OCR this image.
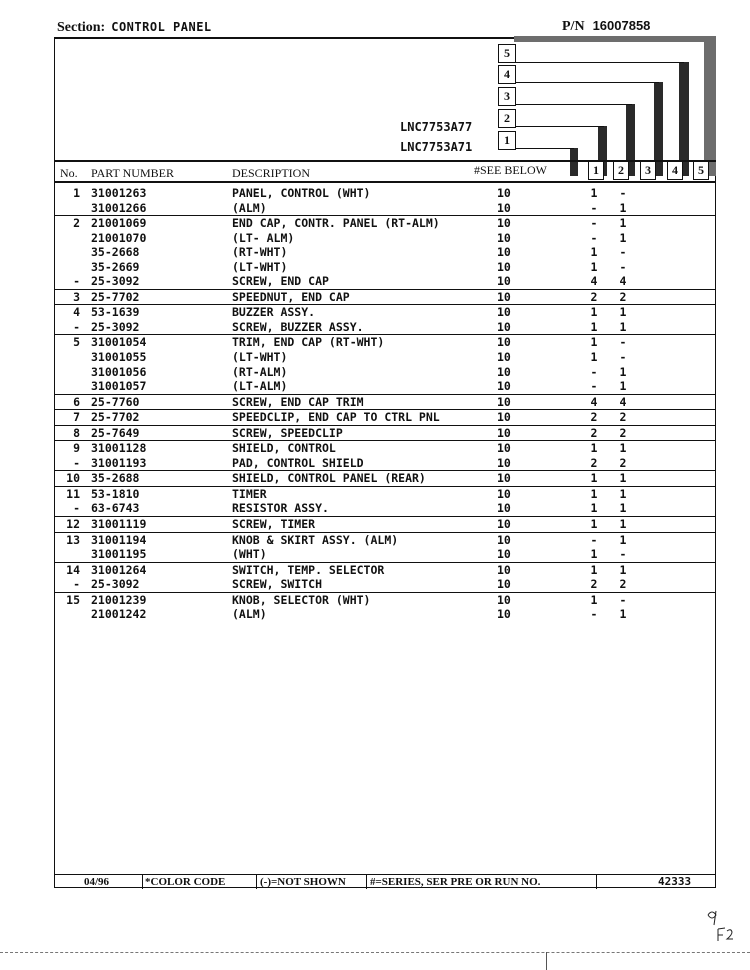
Section: CONTROL PANEL	P/N 16007858
LNC7753A77
LNC7753A71
5
4
3
2
1
No. PART NUMBER	DESCRIPTION	#SEE BELOW	1	2	3	4	5
1 31001263	PANEL, CONTROL (WHT)	10	1	-
31001266	(ALM)	10	-	1
2 21001069	END CAP, CONTR. PANEL (RT-ALM)	10	-	1
21001070	(LT- ALM)	10	-	1
35-2668	(RT-WHT)	10	1	-
35-2669	(LT-WHT)	10	1	-
- 25-3092	SCREW, END CAP	10	4	4
3 25-7702	SPEEDNUT, END CAP	10	2	2
4 53-1639	BUZZER ASSY.	10	1	1
- 25-3092	SCREW, BUZZER ASSY.	10	1	1
5 31001054	TRIM, END CAP (RT-WHT)	10	1	-
31001055	(LT-WHT)	10	1	-
31001056	(RT-ALM)	10	-	1
31001057	(LT-ALM)	10	-	1
6 25-7760	SCREW, END CAP TRIM	10	4	4
7 25-7702	SPEEDCLIP, END CAP TO CTRL PNL	10	2	2
8 25-7649	SCREW, SPEEDCLIP	10	2	2
9 31001128	SHIELD, CONTROL	10	1	1
- 31001193	PAD, CONTROL SHIELD	10	2	2
10 35-2688	SHIELD, CONTROL PANEL (REAR)	10	1	1
11 53-1810	TIMER	10	1	1
- 63-6743	RESISTOR ASSY.	10	1	1
12 31001119	SCREW, TIMER	10	1	1
13 31001194	KNOB & SKIRT ASSY. (ALM)	10	-	1
31001195	(WHT)	10	1	-
14 31001264	SWITCH, TEMP. SELECTOR	10	1	1
- 25-3092	SCREW, SWITCH	10	2	2
15 21001239	KNOB, SELECTOR (WHT)	10	1	-
21001242	(ALM)	10	-	1
04/96	*COLOR CODE	(-)=NOT SHOWN #=SERIES, SER PRE OR RUN NO.	42333
